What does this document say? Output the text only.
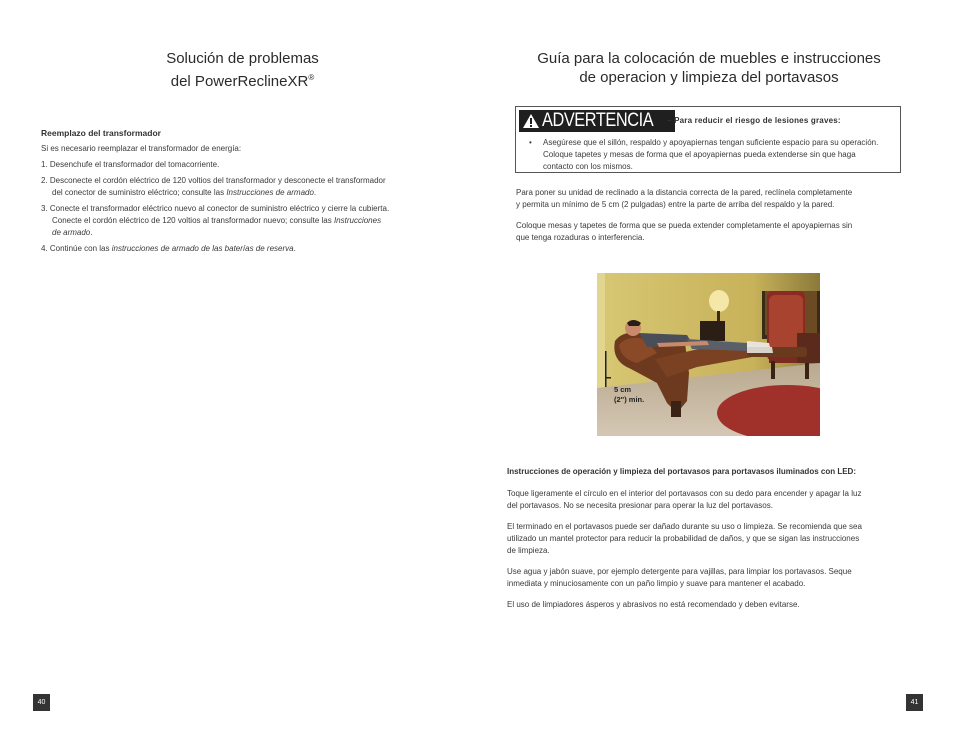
Solución de problemas
del PowerReclineXR®
Reemplazo del transformador
Si es necesario reemplazar el transformador de energía:
1. Desenchufe el transformador del tomacorriente.
2. Desconecte el cordón eléctrico de 120 voltios del transformador y desconecte el transformador
del conector de suministro eléctrico; consulte las Instrucciones de armado.
3. Conecte el transformador eléctrico nuevo al conector de suministro eléctrico y cierre la cubierta.
Conecte el cordón eléctrico de 120 voltios al transformador nuevo; consulte las Instrucciones
de armado.
4. Continúe con las instrucciones de armado de las baterías de reserva.
40
Guía para la colocación de muebles e instrucciones
de operacion y limpieza del portavasos
ADVERTENCIA – Para reducir el riesgo de lesiones graves:
• Asegúrese que el sillón, respaldo y apoyapiernas tengan suficiente espacio para su operación.
Coloque tapetes y mesas de forma que el apoyapiernas pueda extenderse sin que haga
contacto con los mismos.
Para poner su unidad de reclinado a la distancia correcta de la pared, reclínela completamente
y permita un mínimo de 5 cm (2 pulgadas) entre la parte de arriba del respaldo y la pared.
Coloque mesas y tapetes de forma que se pueda extender completamente el apoyapiernas sin
que tenga rozaduras o interferencia.
5 cm
(2") min.
Instrucciones de operación y limpieza del portavasos para portavasos iluminados con LED:
Toque ligeramente el círculo en el interior del portavasos con su dedo para encender y apagar la luz
del portavasos. No se necesita presionar para operar la luz del portavasos.
El terminado en el portavasos puede ser dañado durante su uso o limpieza. Se recomienda que sea
utilizado un mantel protector para reducir la probabilidad de daños, y que se sigan las instrucciones
de limpieza.
Use agua y jabón suave, por ejemplo detergente para vajillas, para limpiar los portavasos. Seque
inmediata y minuciosamente con un paño limpio y suave para mantener el acabado.
El uso de limpiadores ásperos y abrasivos no está recomendado y deben evitarse.
41
